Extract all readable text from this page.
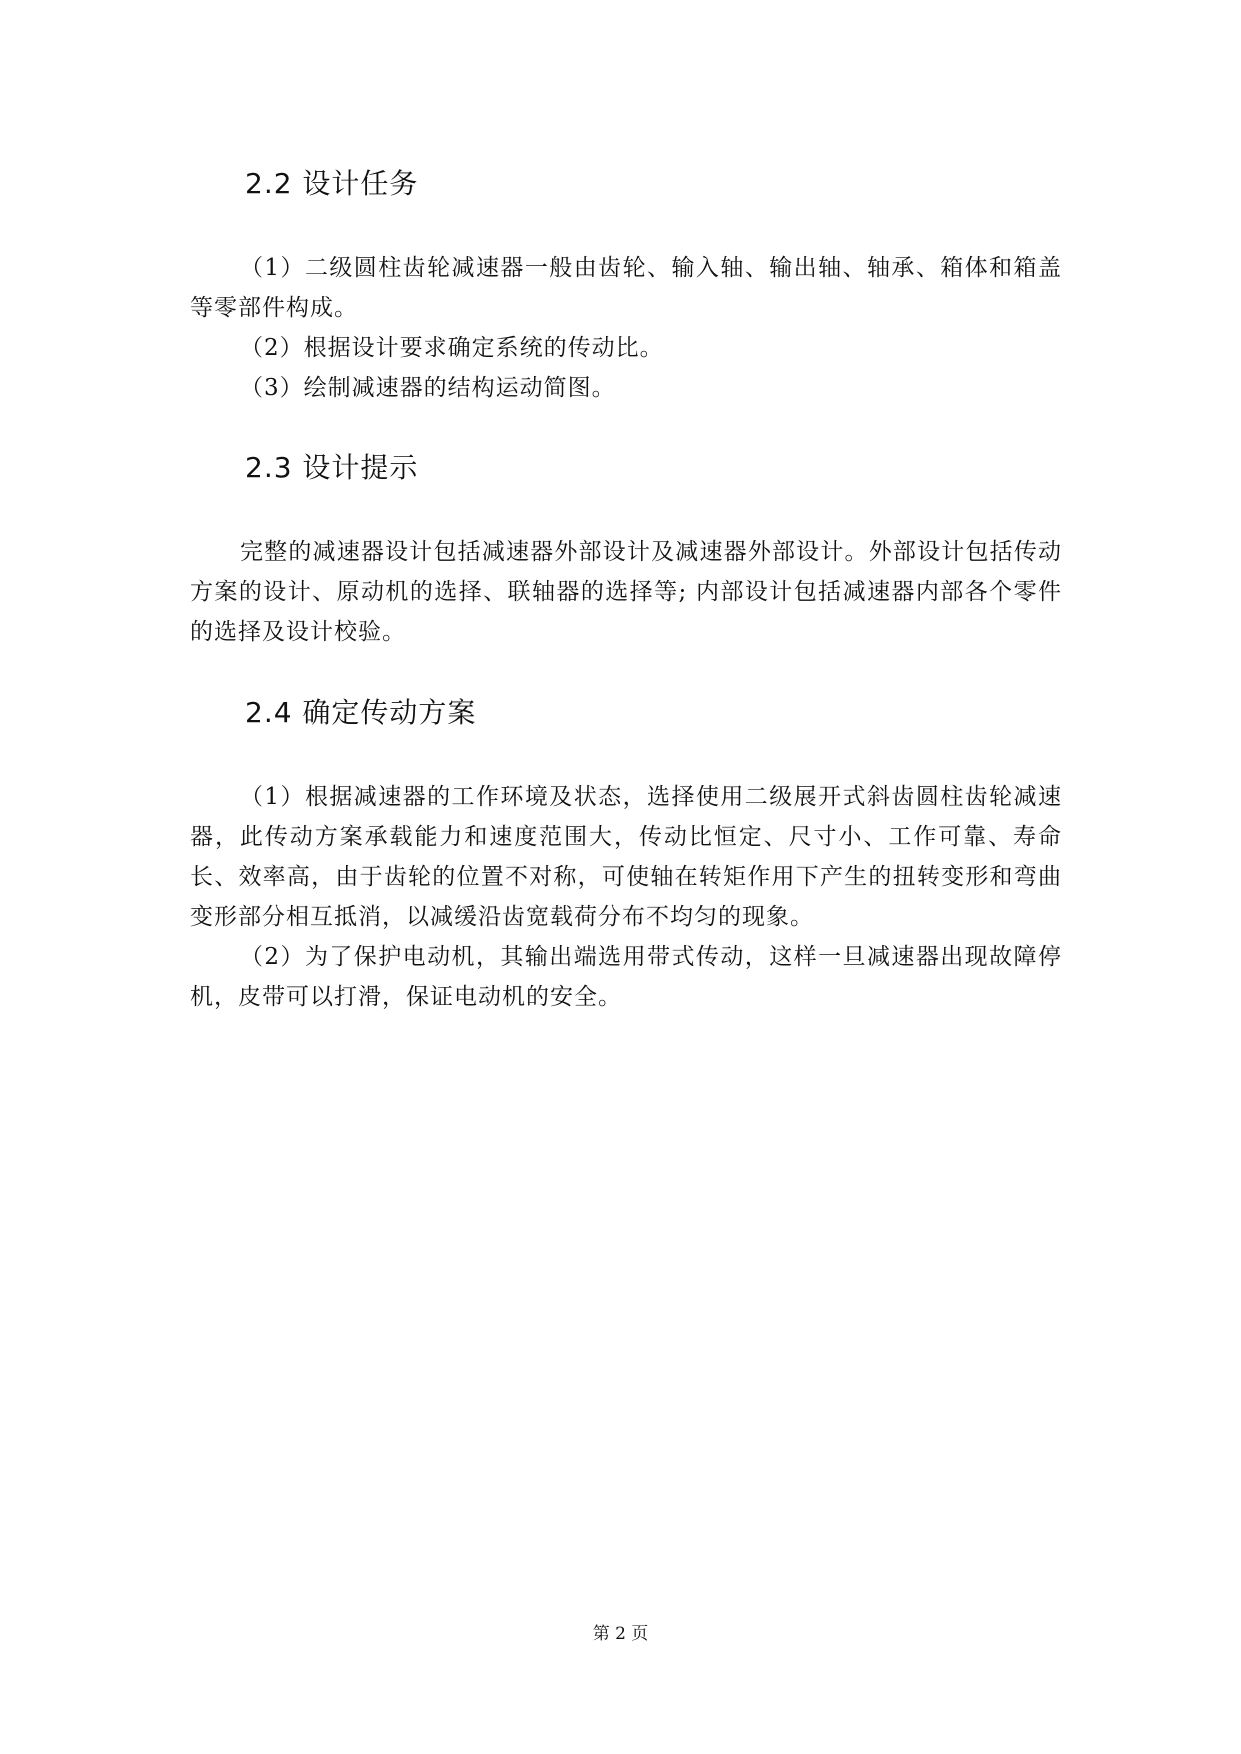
2.2 设计任务

（1）二级圆柱齿轮减速器一般由齿轮、输入轴、输出轴、轴承、箱体和箱盖等零部件构成。

（2）根据设计要求确定系统的传动比。

（3）绘制减速器的结构运动简图。

2.3 设计提示

完整的减速器设计包括减速器外部设计及减速器外部设计。外部设计包括传动方案的设计、原动机的选择、联轴器的选择等; 内部设计包括减速器内部各个零件的选择及设计校验。

2.4 确定传动方案

（1）根据减速器的工作环境及状态，选择使用二级展开式斜齿圆柱齿轮减速器，此传动方案承载能力和速度范围大，传动比恒定、尺寸小、工作可靠、寿命长、效率高，由于齿轮的位置不对称，可使轴在转矩作用下产生的扭转变形和弯曲变形部分相互抵消，以减缓沿齿宽载荷分布不均匀的现象。

（2）为了保护电动机，其输出端选用带式传动，这样一旦减速器出现故障停机，皮带可以打滑，保证电动机的安全。

第 2 页
